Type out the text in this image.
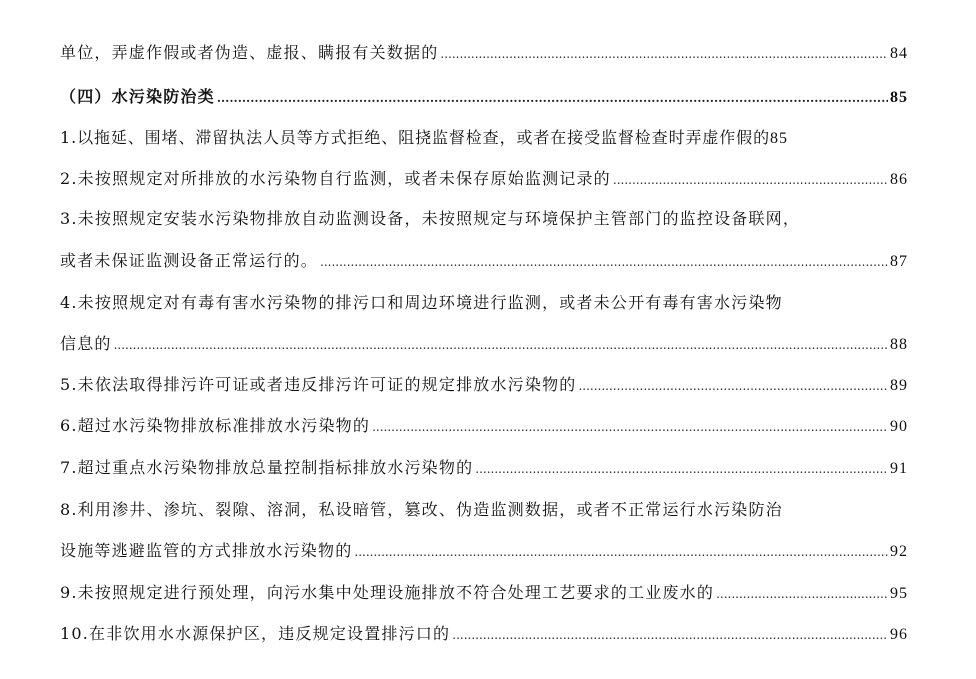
单位，弄虚作假或者伪造、虚报、瞒报有关数据的 .....	84
（四）水污染防治类 .....	85
1.以拖延、围堵、滞留执法人员等方式拒绝、阻挠监督检查，或者在接受监督检查时弄虚作假的 85
2.未按照规定对所排放的水污染物自行监测，或者未保存原始监测记录的 .....	86
3.未按照规定安装水污染物排放自动监测设备，未按照规定与环境保护主管部门的监控设备联网，
或者未保证监测设备正常运行的。 .....	87
4.未按照规定对有毒有害水污染物的排污口和周边环境进行监测，或者未公开有毒有害水污染物
信息的 .....	88
5.未依法取得排污许可证或者违反排污许可证的规定排放水污染物的 .....	89
6.超过水污染物排放标准排放水污染物的 .....	90
7.超过重点水污染物排放总量控制指标排放水污染物的 .....	91
8.利用渗井、渗坑、裂隙、溶洞，私设暗管，篡改、伪造监测数据，或者不正常运行水污染防治
设施等逃避监管的方式排放水污染物的 .....	92
9.未按照规定进行预处理，向污水集中处理设施排放不符合处理工艺要求的工业废水的 .....	95
10.在非饮用水水源保护区，违反规定设置排污口的 .....	96
